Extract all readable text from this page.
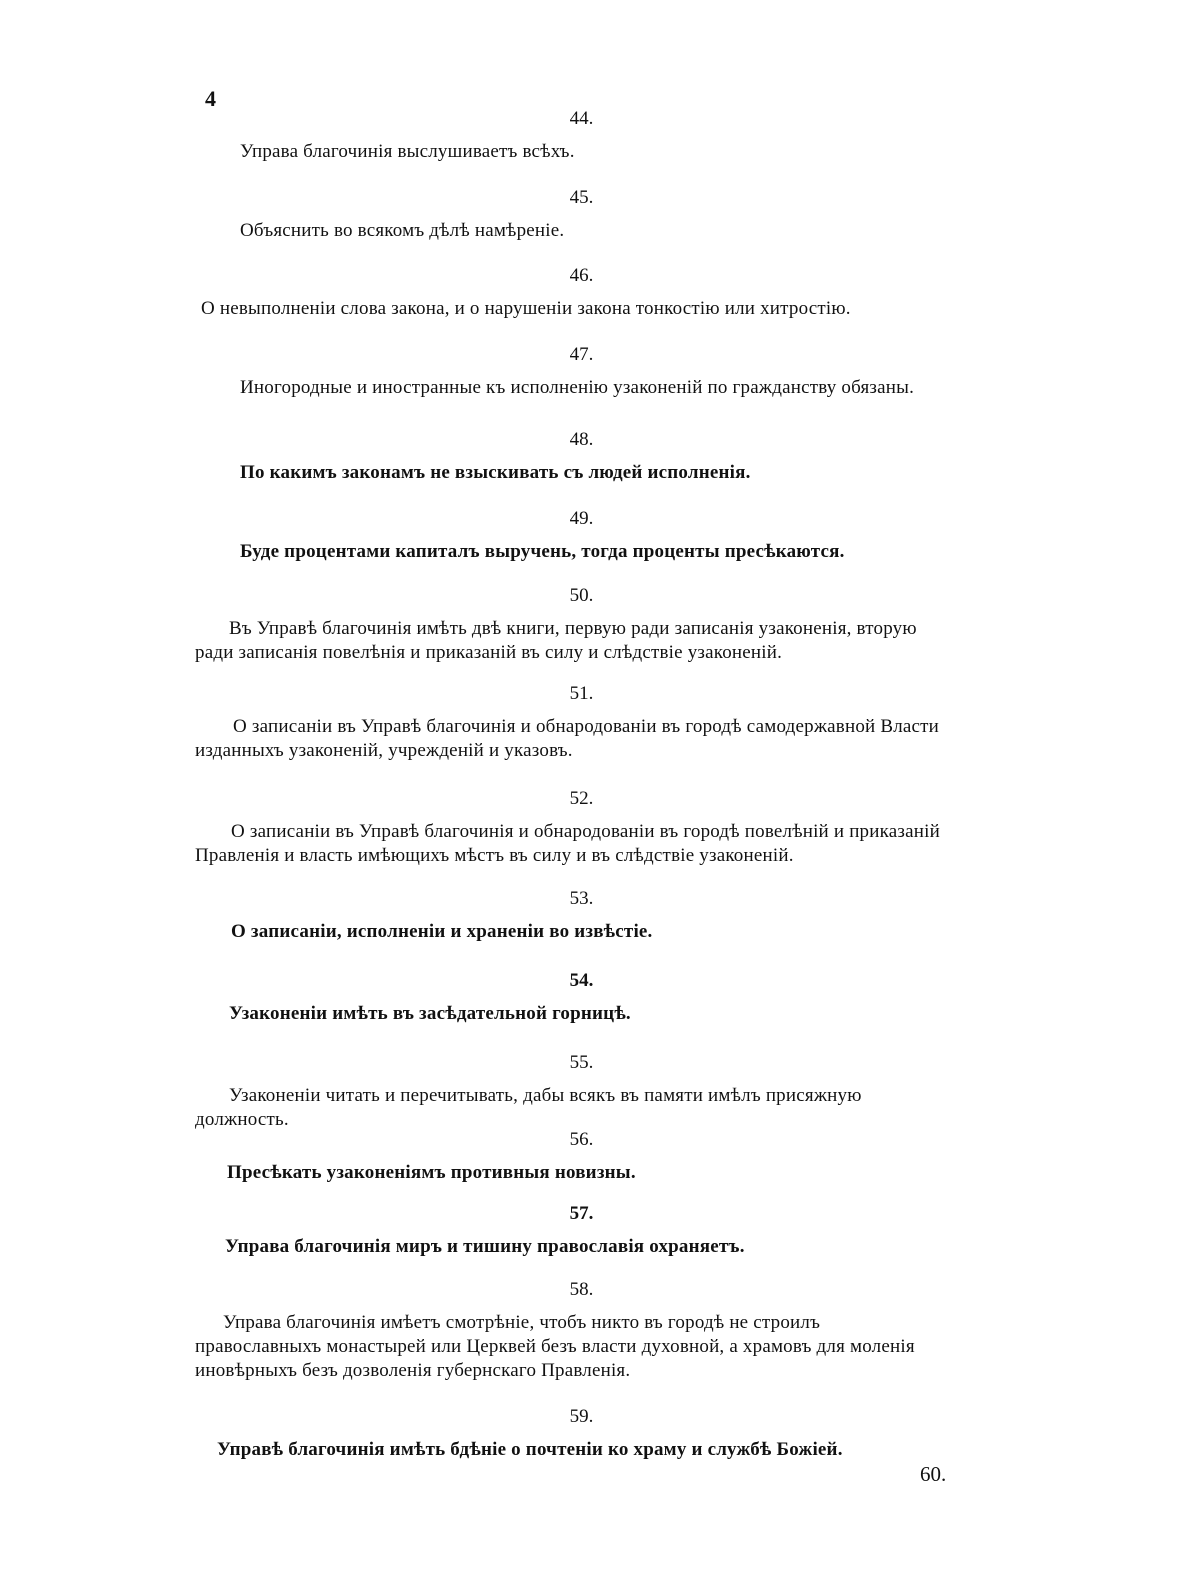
4
44.
Управа благочинія выслушиваетъ всѣхъ.
45.
Объяснить во всякомъ дѣлѣ намѣреніе.
46.
О невыполненіи слова закона, и о нарушеніи закона тонкостію или хитростію.
47.
Иногородные и иностранные къ исполненію узаконеній по гражданству обязаны.
48.
По какимъ законамъ не взыскивать съ людей исполненія.
49.
Буде процентами капиталъ выручень, тогда проценты пресѣкаются.
50.
Въ Управѣ благочинія имѣть двѣ книги, первую ради записанія узаконенія, вторую ради записанія повелѣнія и приказаній въ силу и слѣдствіе узаконеній.
51.
О записаніи въ Управѣ благочинія и обнародованіи въ городѣ самодержавной Власти изданныхъ узаконеній, учрежденій и указовъ.
52.
О записаніи въ Управѣ благочинія и обнародованіи въ городѣ повелѣній и приказаній Правленія и власть имѣющихъ мѣстъ въ силу и въ слѣдствіе узаконеній.
53.
О записаніи, исполненіи и храненіи во извѣстіе.
54.
Узаконеніи имѣть въ засѣдательной горницѣ.
55.
Узаконеніи читать и перечитывать, дабы всякъ въ памяти имѣлъ присяжную должность.
56.
Пресѣкать узаконеніямъ противныя новизны.
57.
Управа благочинія миръ и тишину православія охраняетъ.
58.
Управа благочинія имѣетъ смотрѣніе, чтобъ никто въ городѣ не строилъ православныхъ монастырей или Церквей безъ власти духовной, а храмовъ для моленія иновѣрныхъ безъ дозволенія губернскаго Правленія.
59.
Управѣ благочинія имѣть бдѣніе о почтеніи ко храму и службѣ Божіей.
60.
